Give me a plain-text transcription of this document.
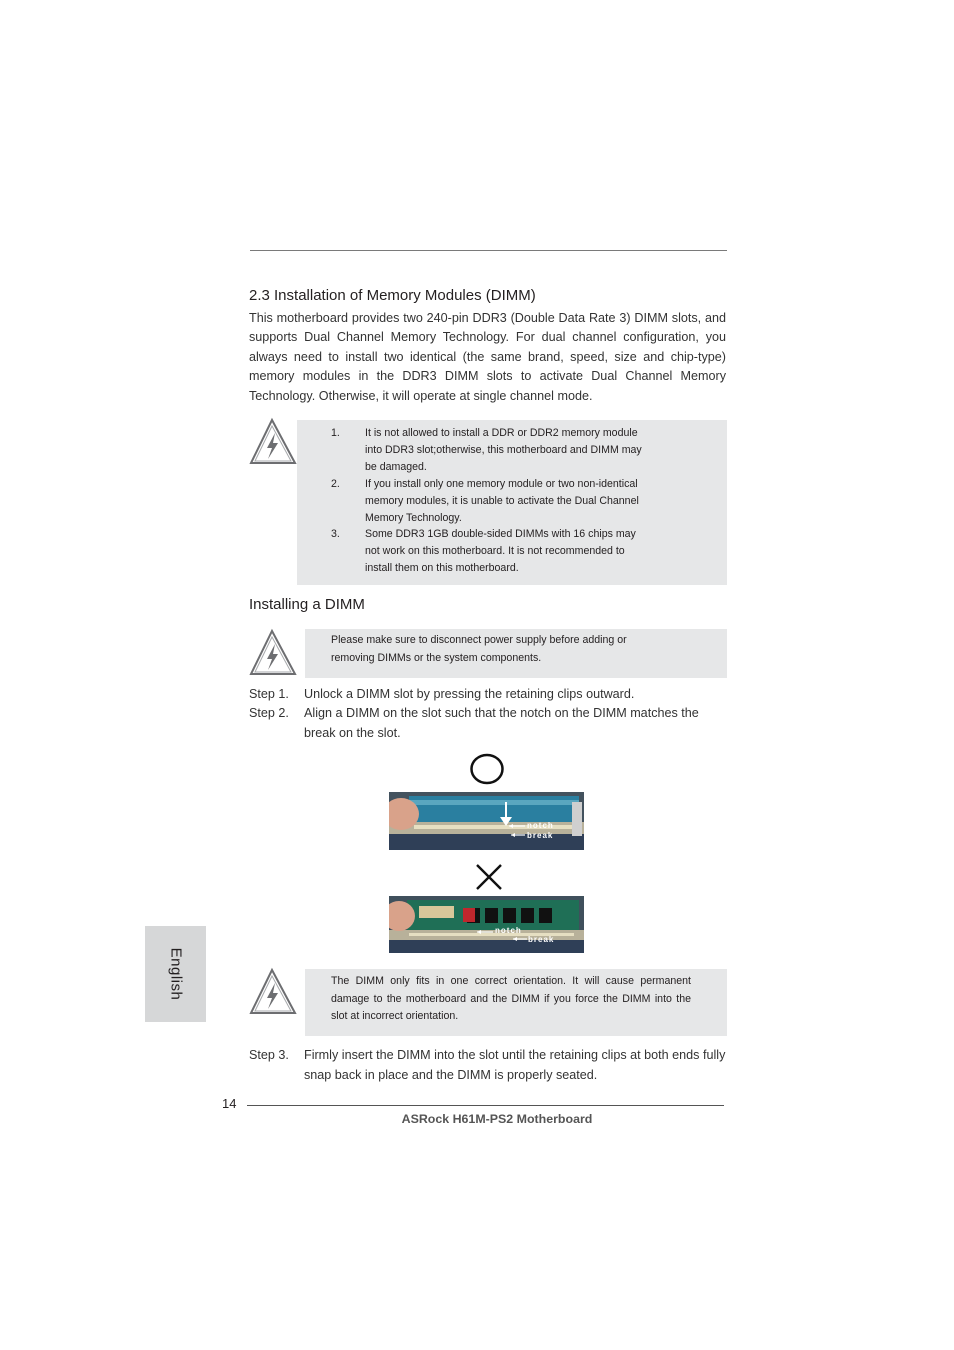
2.3 Installation of Memory Modules (DIMM)
This motherboard provides two 240-pin DDR3 (Double Data Rate 3) DIMM slots, and supports Dual Channel Memory Technology. For dual channel configuration, you always need to install two identical (the same brand, speed, size and chip-type) memory modules in the DDR3 DIMM slots to activate Dual Channel Memory Technology. Otherwise, it will operate at single channel mode.
1. It is not allowed to install a DDR or DDR2 memory module into DDR3 slot;otherwise, this motherboard and DIMM may be damaged.
2. If you install only one memory module or two non-identical memory modules, it is unable to activate the Dual Channel Memory Technology.
3. Some DDR3 1GB double-sided DIMMs with 16 chips may not work on this motherboard. It is not recommended to install them on this motherboard.
Installing a DIMM
Please make sure to disconnect power supply before adding or removing DIMMs or the system components.
Step 1. Unlock a DIMM slot by pressing the retaining clips outward.
Step 2. Align a DIMM on the slot such that the notch on the DIMM matches the break on the slot.
notch
break
notch
break
The DIMM only fits in one correct orientation. It will cause permanent damage to the motherboard and the DIMM if you force the DIMM into the slot at incorrect orientation.
Step 3. Firmly insert the DIMM into the slot until the retaining clips at both ends fully snap back in place and the DIMM is properly seated.
English
14
ASRock H61M-PS2 Motherboard
